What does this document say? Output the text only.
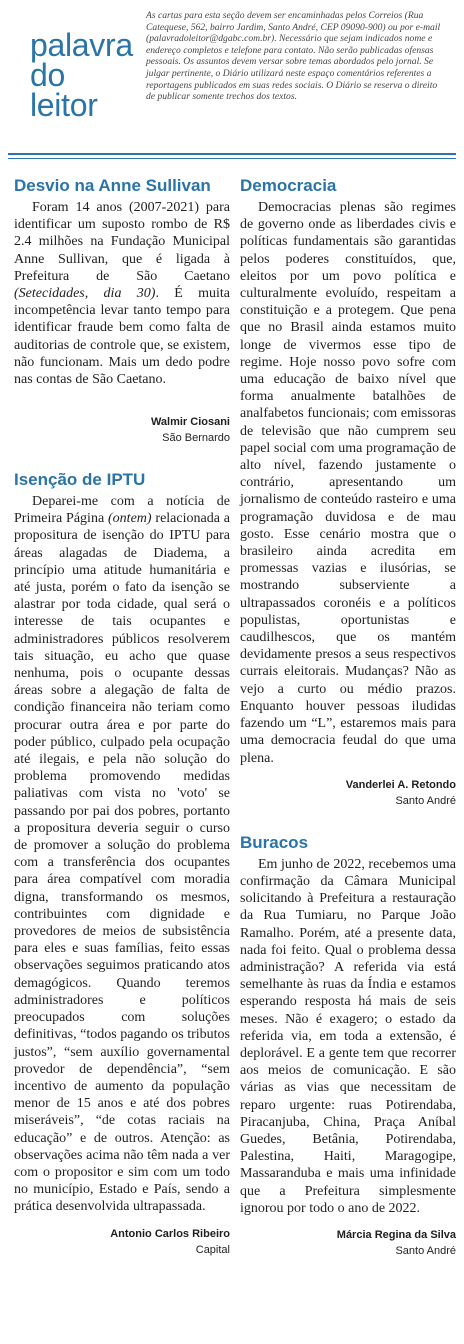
palavra
do leitor

As cartas para esta seção devem ser encaminhadas pelos Correios (Rua Catequese, 562, bairro Jardim, Santo André, CEP 09090-900) ou por e-mail (palavradoleitor@dgabc.com.br). Necessário que sejam indicados nome e endereço completos e telefone para contato. Não serão publicadas ofensas pessoais. Os assuntos devem versar sobre temas abordados pelo jornal. Se julgar pertinente, o Diário utilizará neste espaço comentários referentes a reportagens publicados em suas redes sociais. O Diário se reserva o direito de publicar somente trechos dos textos.

Desvio na Anne Sullivan

Foram 14 anos (2007-2021) para identificar um suposto rombo de R$ 2.4 milhões na Fundação Municipal Anne Sullivan, que é ligada à Prefeitura de São Caetano (Setecidades, dia 30). É muita incompetência levar tanto tempo para identificar fraude bem como falta de auditorias de controle que, se existem, não funcionam. Mais um dedo podre nas contas de São Caetano.

Walmir Ciosani
São Bernardo
Isenção de IPTU

Deparei-me com a notícia de Primeira Página (ontem) relacionada a propositura de isenção do IPTU para áreas alagadas de Diadema, a princípio uma atitude humanitária e até justa, porém o fato da isenção se alastrar por toda cidade, qual será o interesse de tais ocupantes e administradores públicos resolverem tais situação, eu acho que quase nenhuma, pois o ocupante dessas áreas sobre a alegação de falta de condição financeira não teriam como procurar outra área e por parte do poder público, culpado pela ocupação até ilegais, e pela não solução do problema promovendo medidas paliativas com vista no 'voto' se passando por pai dos pobres, portanto a propositura deveria seguir o curso de promover a solução do problema com a transferência dos ocupantes para área compatível com moradia digna, transformando os mesmos, contribuintes com dignidade e provedores de meios de subsistência para eles e suas famílias, feito essas observações seguimos praticando atos demagógicos. Quando teremos administradores e políticos preocupados com soluções definitivas, “todos pagando os tributos justos”, “sem auxílio governamental provedor de dependência”, “sem incentivo de aumento da população menor de 15 anos e até dos pobres miseráveis”, “de cotas raciais na educação” e de outros. Atenção: as observações acima não têm nada a ver com o propositor e sim com um todo no município, Estado e País, sendo a prática desenvolvida ultrapassada.

Antonio Carlos Ribeiro
Capital
Democracia

Democracias plenas são regimes de governo onde as liberdades civis e políticas fundamentais são garantidas pelos poderes constituídos, que, eleitos por um povo política e culturalmente evoluído, respeitam a constituição e a protegem. Que pena que no Brasil ainda estamos muito longe de vivermos esse tipo de regime. Hoje nosso povo sofre com uma educação de baixo nível que forma anualmente batalhões de analfabetos funcionais; com emissoras de televisão que não cumprem seu papel social com uma programação de alto nível, fazendo justamente o contrário, apresentando um jornalismo de conteúdo rasteiro e uma programação duvidosa e de mau gosto. Esse cenário mostra que o brasileiro ainda acredita em promessas vazias e ilusórias, se mostrando subserviente a ultrapassados coronéis e a políticos populistas, oportunistas e caudilhescos, que os mantém devidamente presos a seus respectivos currais eleitorais. Mudanças? Não as vejo a curto ou médio prazos. Enquanto houver pessoas iludidas fazendo um “L”, estaremos mais para uma democracia feudal do que uma plena.

Vanderlei A. Retondo
Santo André
Buracos

Em junho de 2022, recebemos uma confirmação da Câmara Municipal solicitando à Prefeitura a restauração da Rua Tumiaru, no Parque João Ramalho. Porém, até a presente data, nada foi feito. Qual o problema dessa administração? A referida via está semelhante às ruas da Índia e estamos esperando resposta há mais de seis meses. Não é exagero; o estado da referida via, em toda a extensão, é deplorável. E a gente tem que recorrer aos meios de comunicação. E são várias as vias que necessitam de reparo urgente: ruas Potirendaba, Piracanjuba, China, Praça Aníbal Guedes, Betânia, Potirendaba, Palestina, Haiti, Maragogipe, Massaranduba e mais uma infinidade que a Prefeitura simplesmente ignorou por todo o ano de 2022.

Márcia Regina da Silva
Santo André
